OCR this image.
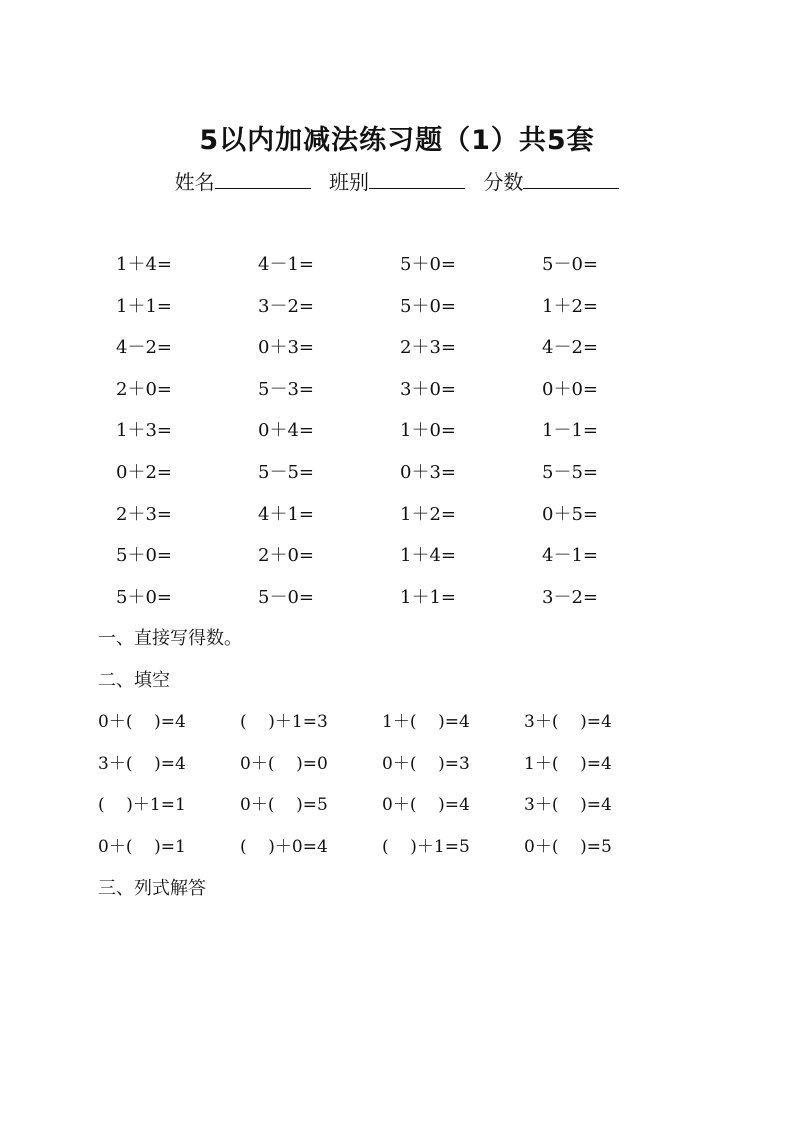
5以内加减法练习题（1）共5套
姓名	班别	分数
1＋4=	4－1=	5＋0=	5－0=
1＋1=	3－2=	5＋0=	1＋2=
4－2=	0＋3=	2＋3=	4－2=
2＋0=	5－3=	3＋0=	0＋0=
1＋3=	0＋4=	1＋0=	1－1=
0＋2=	5－5=	0＋3=	5－5=
2＋3=	4＋1=	1＋2=	0＋5=
5＋0=	2＋0=	1＋4=	4－1=
5＋0=	5－0=	1＋1=	3－2=
一、直接写得数。
二、填空
0＋(    )=4	(    )＋1=3	1＋(    )=4	3＋(    )=4
3＋(    )=4	0＋(    )=0	0＋(    )=3	1＋(    )=4
(    )＋1=1	0＋(    )=5	0＋(    )=4	3＋(    )=4
0＋(    )=1	(    )＋0=4	(    )＋1=5	0＋(    )=5
三、列式解答
